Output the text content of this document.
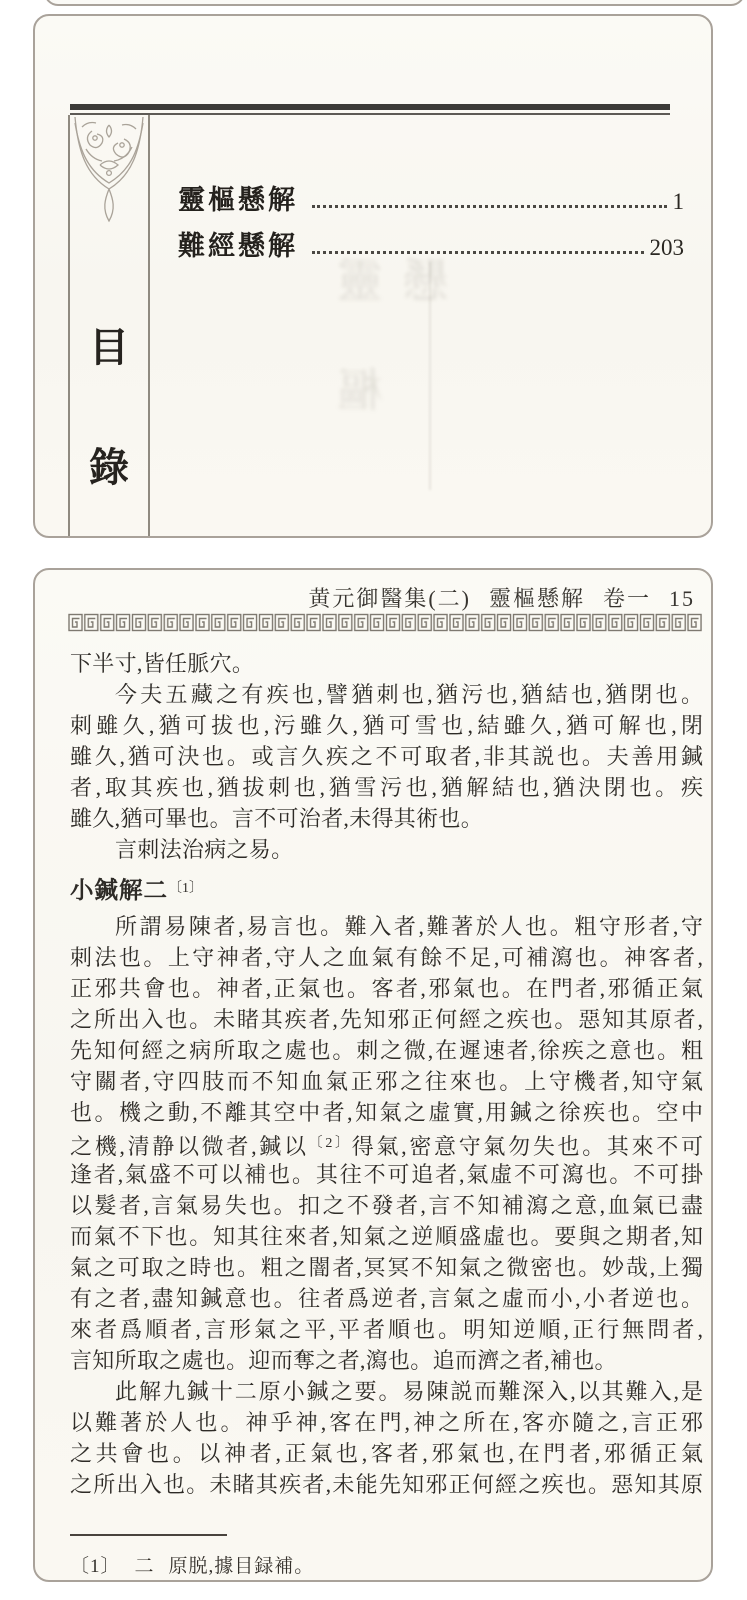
目
錄
靈樞懸解	1
難經懸解	203
靈樞懸
黄元御醫集(二) 靈樞懸解 卷一 15
下半寸,皆任脈穴。
今夫五藏之有疾也,譬猶刺也,猶污也,猶結也,猶閉也。
刺雖久,猶可拔也,污雖久,猶可雪也,結雖久,猶可解也,閉
雖久,猶可決也。或言久疾之不可取者,非其説也。夫善用鍼
者,取其疾也,猶拔刺也,猶雪污也,猶解結也,猶決閉也。疾
雖久,猶可畢也。言不可治者,未得其術也。
言刺法治病之易。
小鍼解二$^{〔1〕}$
所謂易陳者,易言也。難入者,難著於人也。粗守形者,守
刺法也。上守神者,守人之血氣有餘不足,可補瀉也。神客者,
正邪共會也。神者,正氣也。客者,邪氣也。在門者,邪循正氣
之所出入也。未睹其疾者,先知邪正何經之疾也。惡知其原者,
先知何經之病所取之處也。刺之微,在遲速者,徐疾之意也。粗
守關者,守四肢而不知血氣正邪之往來也。上守機者,知守氣
也。機之動,不離其空中者,知氣之虛實,用鍼之徐疾也。空中
之機,清静以微者,鍼以$^{〔2〕}$得氣,密意守氣勿失也。其來不可
逢者,氣盛不可以補也。其往不可追者,氣虛不可瀉也。不可掛
以髮者,言氣易失也。扣之不發者,言不知補瀉之意,血氣已盡
而氣不下也。知其往來者,知氣之逆順盛虛也。要與之期者,知
氣之可取之時也。粗之闇者,冥冥不知氣之微密也。妙哉,上獨
有之者,盡知鍼意也。往者爲逆者,言氣之虛而小,小者逆也。
來者爲順者,言形氣之平,平者順也。明知逆順,正行無問者,
言知所取之處也。迎而奪之者,瀉也。追而濟之者,補也。
此解九鍼十二原小鍼之要。易陳説而難深入,以其難入,是
以難著於人也。神乎神,客在門,神之所在,客亦隨之,言正邪
之共會也。以神者,正氣也,客者,邪氣也,在門者,邪循正氣
之所出入也。未睹其疾者,未能先知邪正何經之疾也。惡知其原
〔1〕 二 原脱,據目録補。
